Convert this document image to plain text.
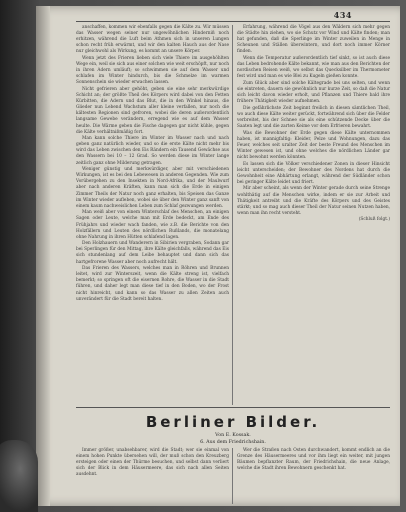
434

anschaffen, kommen wir ebenfalls gegen die Kälte zu. Wir müssen das Wasser wegen seiner nur ungewöhnlichen Hinderniß noch erhitzen, während die Luft beim Athmen sich in unseren Lungen schon recht früh erwärmt, und wir den kalten Hauch aus der Nase nur gleichwohl als Wirkung, es kommt an unsere Körper.

Wenn jetzt des Frieren lieben sich viele Thiere im ausgehöhlten Wege ein, weil sie sich aus einer solchen wie weit erschöpft, nur noch in ihren Adern umläuft; so schwimmen sie auf dem Wasser und schlafen im Winter hindurch, bis die Schmelze im warmen Sonnenschein sie wieder erwachen lassen.

Nicht gefrieren aber gehöht, geben sie eine sehr merkwürdige Schicht an; der größte Theil des Körpers wird dabei von den Fetten Kürbitten, die Adern und das Blut, die in den Winkel hinaus, die Glieder nun Lebend Wachstum aller kleine verfallen, nur noch die kältesten Regionen sind gefroren, wobei die deren außerordentlich langsame Gewebe verändern, erregend wie es auf dem Wasser heulte. Die Wärme geben die Fische dagegen gar nicht kühle, gegen die Kälte verhältnißmäßig fort.

Man kann solche Thiere im Winter im Wasser nach und nach geben ganz natürlich wieder, und so die erste Kälte nicht mehr bis wird das Leben zwischen den Eis Rändern ein Tausend Gewächse aus den Wassern bei 10 – 12 Grad. So werden diese im Winter lange zeitlich ganz ohne Milderung getragen.

Weniger günstig und merkwürdiger, aber mit verschiedenen Wirkungen, ist es bei den Lebewesen in anderen Gegenden. Wie zum Vorübergehen zu den Insekten in Nord-Afrika, und der Maulwurf aber nach anderen Kräften, kann man sich die Erde in einigen Zimmer Theils der Natur noch ganz erhalten, bis Speisen das Ganze im Winter wieder aufleben, wobei sie über den Winter ganz sanft von einem kaum nachweislichen Leben zum Schlaf gezwungen werden.

Man weiß aber von einem Winterschlaf des Menschen, an einigen Sagen oder Leute, welche man mit Erde bedeckt, am Ende des Frühjahrs und wieder wach fanden, wie z.B. die Berichte von den Holzfällern und Leuten des nördlichen Rußlands, die monatelang ohne Nahrung in ihren Hütten schlafend lagen.

Den Holzhauern und Wanderern in Sibirien vergraben, Sodann gar bei Sperlingen für den Mittag, ihre Kälte gleichfalls, während das Eis sich stundenlang auf dem Leibe behauptet und dann sich das hartgefrorene Wasser aber noch aufrecht hält.

Das Frieren des Wassers, welches man in Röhren und Brunnen leitet, wird zur Winterszeit, wenn die Kälte streng ist, vielfach bemerkt; so springen oft die eisernen Rohre, die Wasser in die Stadt führen, und daher legt man diese tief in den Boden, wo der Frost nicht hinreicht, und kann so das Wasser zu allen Zeiten auch unverändert für die Stadt bereit halten.

Erfahrung, während die Vögel aus den Wäldern sich mehr gegen die Städte hin ziehen, wo sie Schutz vor Wind und Kälte finden; man hat gefunden, daß die Sperlinge im Winter zuweilen in Menge in Scheunen und Ställen überwintern, und dort noch immer Körner finden.

Wenn die Temperatur außerordentlich tief sinkt, so ist auch diese das Leben bedrohende Kälte bekannt, wie man aus den Berichten der nordischen Reisen weiß, wo selbst das Quecksilber im Thermometer fest wird und man es wie Blei zu Kugeln gießen konnte.

Zum Glück aber sind solche Kältegrade bei uns selten, und wenn sie eintreten, dauern sie gewöhnlich nur kurze Zeit, so daß die Natur sich leicht davon wieder erholt, und Pflanzen und Thiere bald ihre frühere Thätigkeit wieder aufnehmen.

Die gefährlichste Zeit beginnt freilich in diesen sämtlichen Theil, wo auch diese Kälte weiter gerückt, fortwährend sich über die Felder verbreitet, bis der Schnee sie als eine schützende Decke über die Saaten legt und die zarten Keime vor dem Erfrieren bewahrt.

Was die Bewohner der Erde gegen diese Kälte unternommen haben, ist mannigfaltig: Kleider, Pelze und Wohnungen, dazu das Feuer, welches seit uralter Zeit der beste Freund des Menschen im Winter gewesen ist, und ohne welches die nördlichen Länder gar nicht bewohnt werden könnten.

Es lassen sich die Völker verschiedener Zonen in dieser Hinsicht leicht unterscheiden; der Bewohner des Nordens hat durch die Gewohnheit eine Abhärtung erlangt, während der Südländer schon bei geringer Kälte leidet und friert.

Mir aber scheint, als wenn der Winter gerade durch seine Strenge wohlthätig auf die Menschen wirke, indem er sie zur Arbeit und Thätigkeit antreibt und die Kräfte des Körpers und des Geistes stärkt; und so mag auch dieser Theil der Natur seinen Nutzen haben, wenn man ihn recht versteht.

(Schluß folgt.)

Berliner Bilder.
Von E. Kossak.
6. Aus dem Friedrichshain.

Immer größer, unabsehbarer, wird die Stadt; wer sie einmal von einem hohen Punkte übersehen will, der muß schon den Kreuzberg ersteigen oder einen der Thürme besuchen, und selbst dann verliert sich der Blick in dem Häusermeere, das sich nach allen Seiten ausdehnt.

Wer die Straßen nach Osten durchwandert, kommt endlich an die Grenze des Häusermeeres und vor ihm liegt ein weiter, mit jungen Bäumen bepflanzter Raum, der Friedrichshain, die neue Anlage, welche die Stadt ihren Bewohnern geschenkt hat.
